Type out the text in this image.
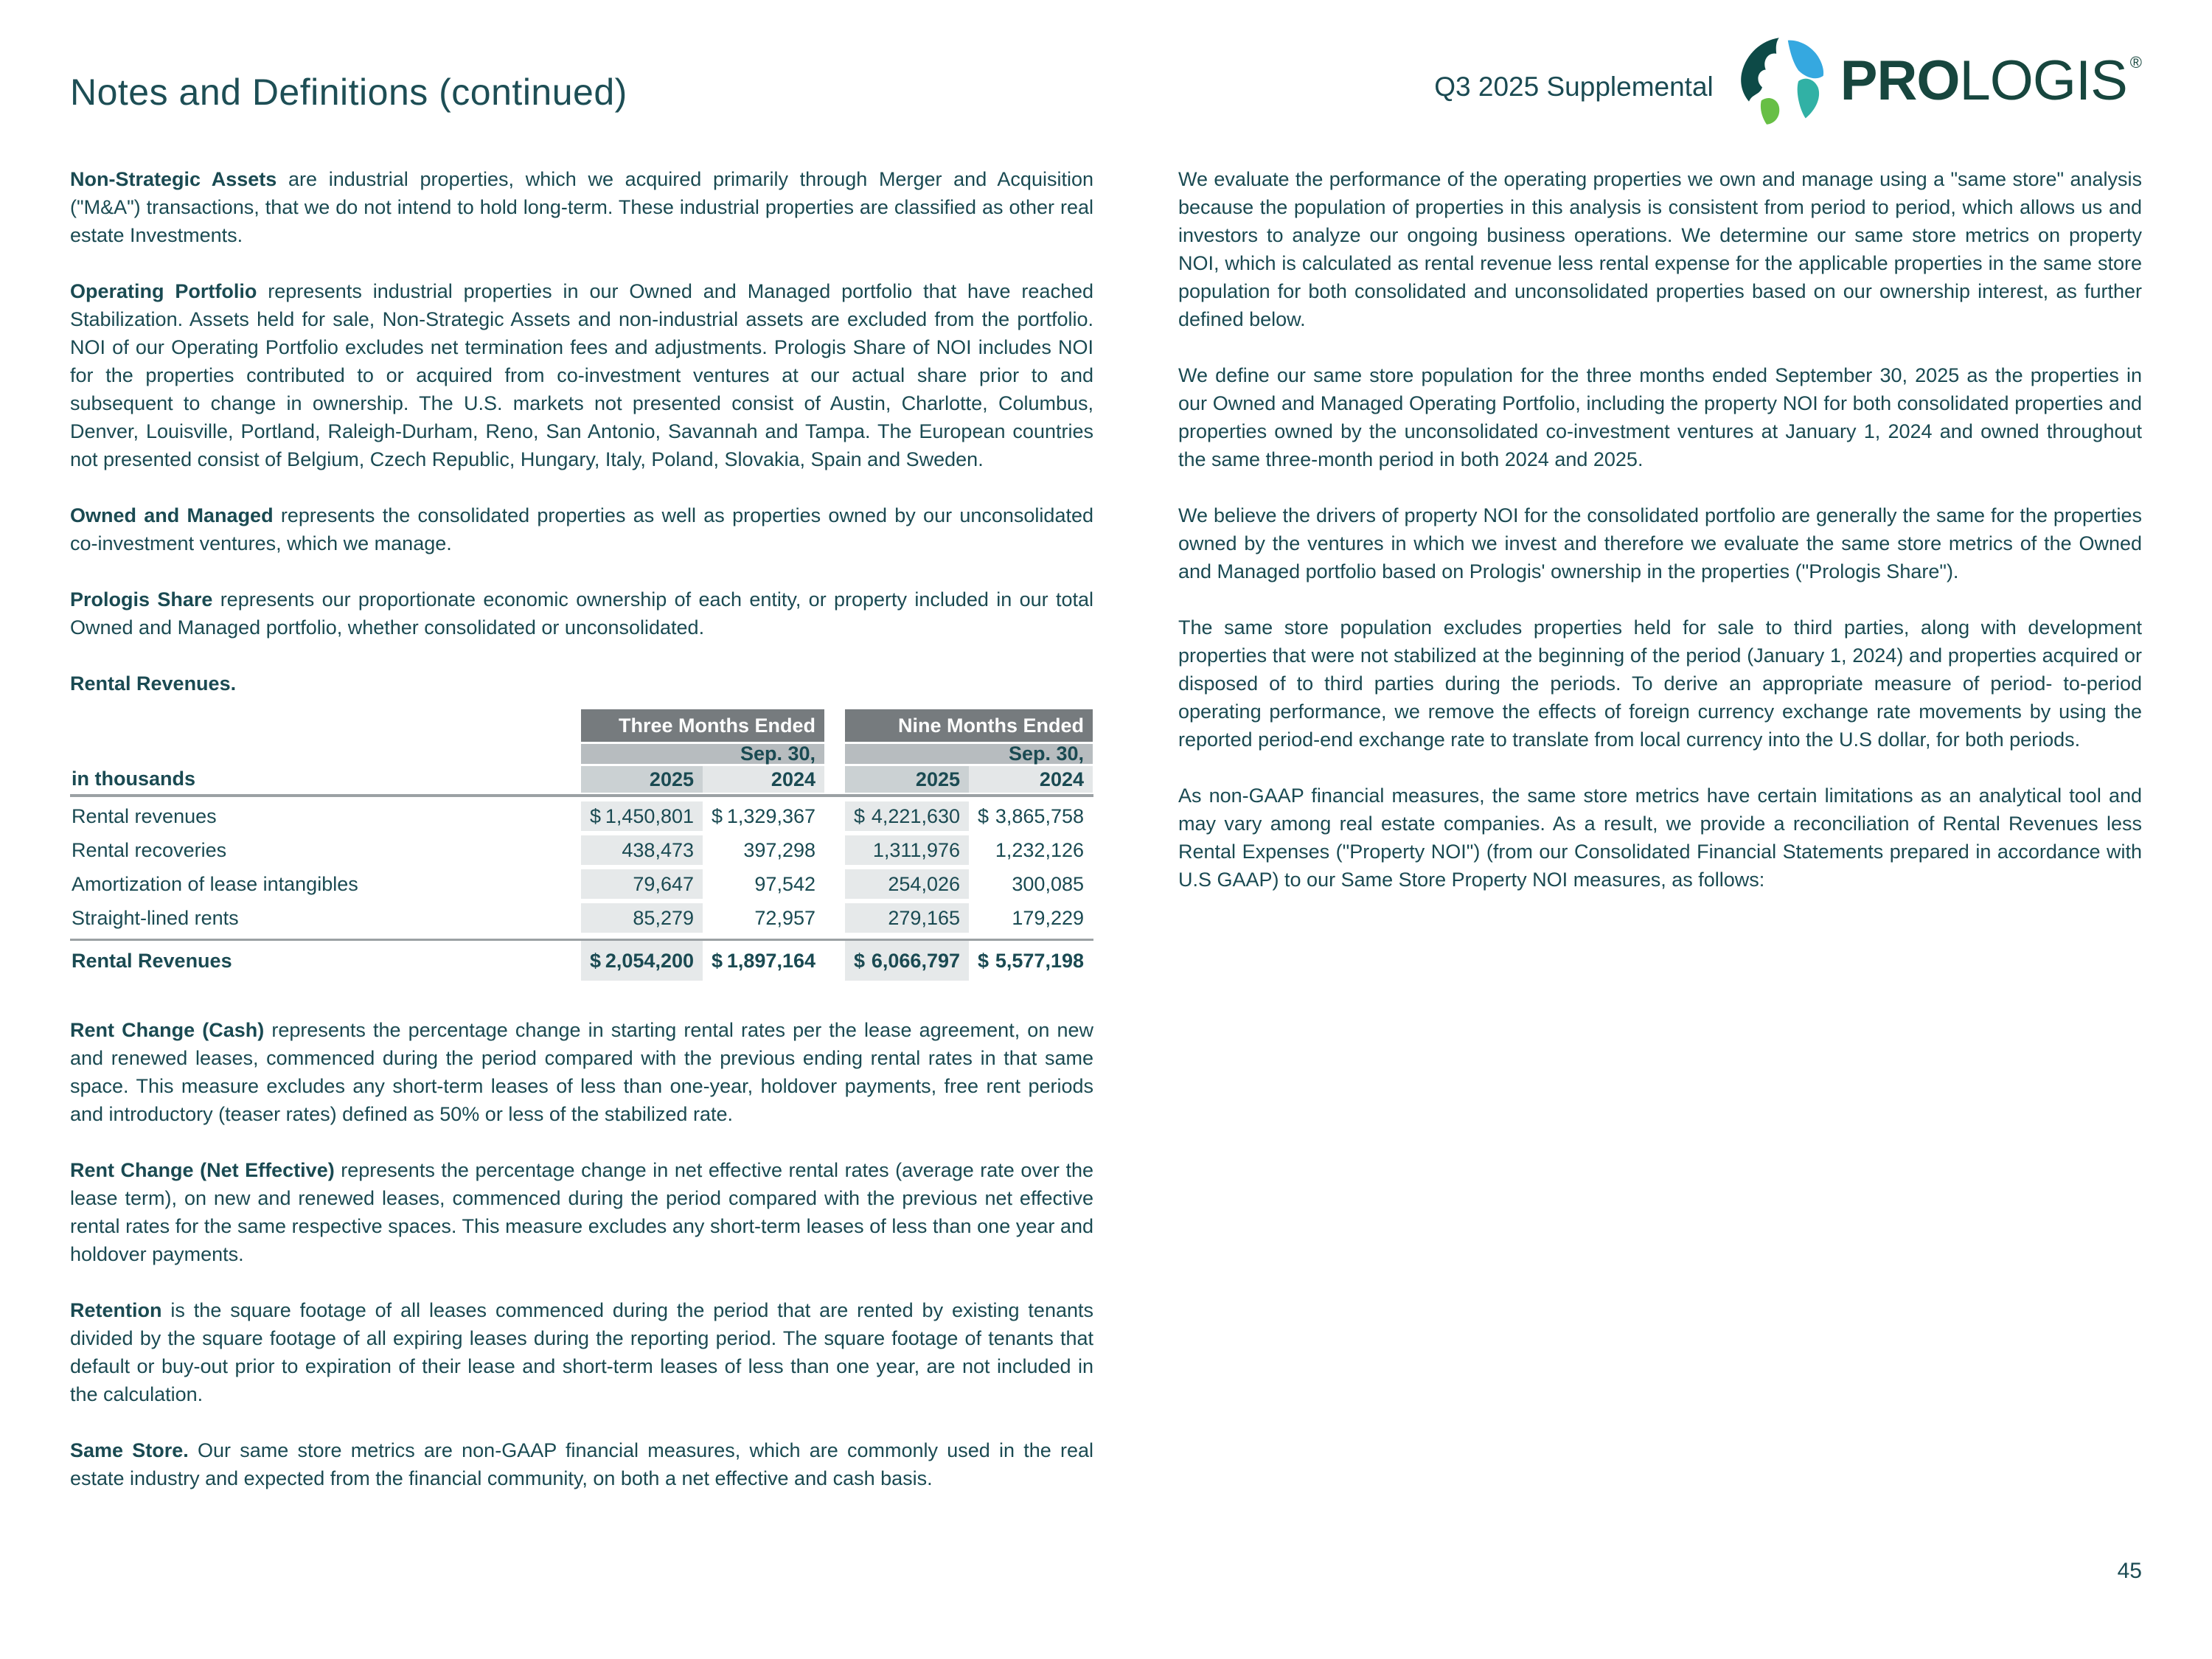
Notes and Definitions (continued)	Q3 2025 Supplemental PRO LOGIS ®

Non-Strategic Assets are industrial properties, which we acquired primarily through Merger and Acquisition ("M&A") transactions, that we do not intend to hold long-term. These industrial properties are classified as other real estate Investments.

Operating Portfolio represents industrial properties in our Owned and Managed portfolio that have reached Stabilization. Assets held for sale, Non-Strategic Assets and non-industrial assets are excluded from the portfolio. NOI of our Operating Portfolio excludes net termination fees and adjustments. Prologis Share of NOI includes NOI for the properties contributed to or acquired from co-investment ventures at our actual share prior to and subsequent to change in ownership. The U.S. markets not presented consist of Austin, Charlotte, Columbus, Denver, Louisville, Portland, Raleigh-Durham, Reno, San Antonio, Savannah and Tampa. The European countries not presented consist of Belgium, Czech Republic, Hungary, Italy, Poland, Slovakia, Spain and Sweden.

Owned and Managed represents the consolidated properties as well as properties owned by our unconsolidated co-investment ventures, which we manage.

Prologis Share represents our proportionate economic ownership of each entity, or property included in our total Owned and Managed portfolio, whether consolidated or unconsolidated.

Rental Revenues.

Three Months Ended	Nine Months Ended
Sep. 30,	Sep. 30,
in thousands	2025	2024	2025	2024
Rental revenues	$ 1,450,801 $ 1,329,367 $ 4,221,630 $ 3,865,758
Rental recoveries	438,473 397,298	1,311,976 1,232,126
Amortization of lease intangibles	79,647	97,542	254,026	300,085
Straight-lined rents	85,279	72,957	279,165	179,229
Rental Revenues	$ 2,054,200 $ 1,897,164 $ 6,066,797 $ 5,577,198

Rent Change (Cash) represents the percentage change in starting rental rates per the lease agreement, on new and renewed leases, commenced during the period compared with the previous ending rental rates in that same space. This measure excludes any short-term leases of less than one-year, holdover payments, free rent periods and introductory (teaser rates) defined as 50% or less of the stabilized rate.

Rent Change (Net Effective) represents the percentage change in net effective rental rates (average rate over the lease term), on new and renewed leases, commenced during the period compared with the previous net effective rental rates for the same respective spaces. This measure excludes any short-term leases of less than one year and holdover payments.

Retention is the square footage of all leases commenced during the period that are rented by existing tenants divided by the square footage of all expiring leases during the reporting period. The square footage of tenants that default or buy-out prior to expiration of their lease and short-term leases of less than one year, are not included in the calculation.

Same Store. Our same store metrics are non-GAAP financial measures, which are commonly used in the real estate industry and expected from the financial community, on both a net effective and cash basis.

We evaluate the performance of the operating properties we own and manage using a "same store" analysis because the population of properties in this analysis is consistent from period to period, which allows us and investors to analyze our ongoing business operations. We determine our same store metrics on property NOI, which is calculated as rental revenue less rental expense for the applicable properties in the same store population for both consolidated and unconsolidated properties based on our ownership interest, as further defined below.

We define our same store population for the three months ended September 30, 2025 as the properties in our Owned and Managed Operating Portfolio, including the property NOI for both consolidated properties and properties owned by the unconsolidated co-investment ventures at January 1, 2024 and owned throughout the same three-month period in both 2024 and 2025.

We believe the drivers of property NOI for the consolidated portfolio are generally the same for the properties owned by the ventures in which we invest and therefore we evaluate the same store metrics of the Owned and Managed portfolio based on Prologis' ownership in the properties ("Prologis Share").

The same store population excludes properties held for sale to third parties, along with development properties that were not stabilized at the beginning of the period (January 1, 2024) and properties acquired or disposed of to third parties during the periods. To derive an appropriate measure of period- to-period operating performance, we remove the effects of foreign currency exchange rate movements by using the reported period-end exchange rate to translate from local currency into the U.S dollar, for both periods.

As non-GAAP financial measures, the same store metrics have certain limitations as an analytical tool and may vary among real estate companies. As a result, we provide a reconciliation of Rental Revenues less Rental Expenses ("Property NOI") (from our Consolidated Financial Statements prepared in accordance with U.S GAAP) to our Same Store Property NOI measures, as follows:

45
